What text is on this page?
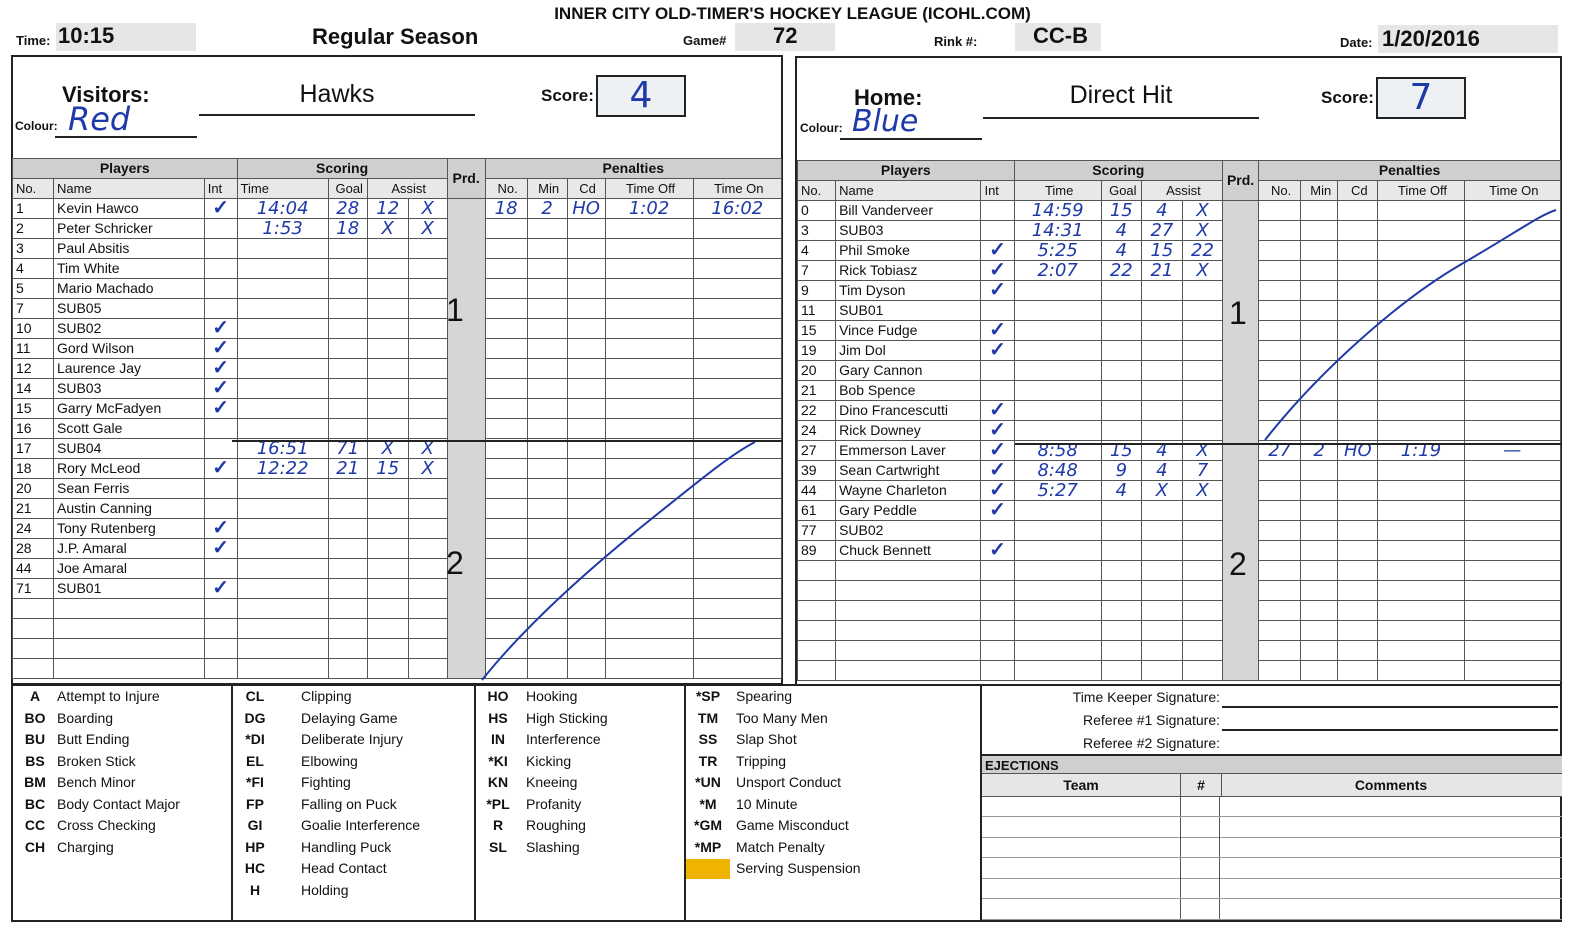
INNER CITY OLD-TIMER'S HOCKEY LEAGUE (ICOHL.COM)
Time: 10:15	Regular Season	Game# 72	Rink #:	CC-B	Date: 1/20/2016
Visitors:
Colour: Red
Hawks	Score: 4	Home:
Colour: Blue
Direct Hit	Score: 7
Players			Scoring				Prd.	Penalties				
No.	Name	Int	Time	Goal	Assist			No.	Min	Cd	Time Off	Time On
1	Kevin Hawco	✓	14:04	28	12	X		18	2	HO	1:02	16:02
2	Peter Schricker		1:53	18	X	X						
3	Paul Absitis											
4	Tim White											
5	Mario Machado											
7	SUB05											
10	SUB02	✓										
11	Gord Wilson	✓										
12	Laurence Jay	✓										
14	SUB03	✓										
15	Garry McFadyen	✓										
16	Scott Gale											
17	SUB04		16:51	71	X	X						
18	Rory McLeod	✓	12:22	21	15	X						
20	Sean Ferris											
21	Austin Canning											
24	Tony Rutenberg	✓										
28	J.P. Amaral	✓										
44	Joe Amaral											
71	SUB01	✓										

Players			Scoring				Prd.	Penalties				
No.	Name	Int	Time	Goal	Assist			No.	Min	Cd	Time Off	Time On
0	Bill Vanderveer		14:59	15	4	X						
3	SUB03		14:31	4	27	X						
4	Phil Smoke	✓	5:25	4	15	22						
7	Rick Tobiasz	✓	2:07	22	21	X						
9	Tim Dyson	✓										
11	SUB01											
15	Vince Fudge	✓										
19	Jim Dol	✓										
20	Gary Cannon											
21	Bob Spence											
22	Dino Francescutti	✓										
24	Rick Downey	✓										
27	Emmerson Laver	✓	8:58	15	4	X		27	2	HO	1:19	—
39	Sean Cartwright	✓	8:48	9	4	7						
44	Wayne Charleton	✓	5:27	4	X	X						
61	Gary Peddle	✓										
77	SUB02											
89	Chuck Bennett	✓										

1
2
1
2
A Attempt to Injure
BO Boarding
BU Butt Ending
BS Broken Stick
BM Bench Minor
BC Body Contact Major
CC Cross Checking
CH Charging
CL	Clipping
DG	Delaying Game
*DI	Deliberate Injury
EL	Elbowing
*FI	Fighting
FP	Falling on Puck
GI	Goalie Interference
HP	Handling Puck
HC	Head Contact
H	Holding
HO Hooking
HS High Sticking
IN Interference
*KI Kicking
KN Kneeing
*PL Profanity
R Roughing
SL Slashing
*SP Spearing
TM Too Many Men
SS Slap Shot
TR Tripping
*UN Unsport Conduct
*M 10 Minute
*GM Game Misconduct
*MP Match Penalty
Serving Suspension
Time Keeper Signature:
Referee #1 Signature:
Referee #2 Signature:
EJECTIONS
Team	#	Comments
